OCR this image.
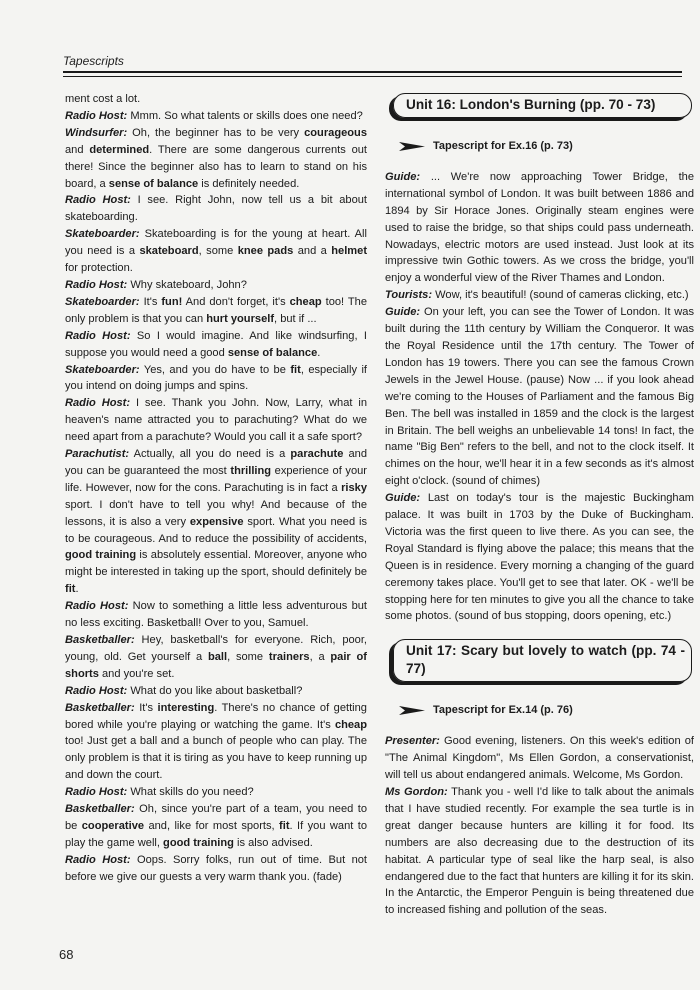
Tapescripts

ment cost a lot.

Radio Host: Mmm. So what talents or skills does one need?

Windsurfer: Oh, the beginner has to be very courageous and determined. There are some dangerous currents out there! Since the beginner also has to learn to stand on his board, a sense of balance is definitely needed.

Radio Host: I see. Right John, now tell us a bit about skateboarding.

Skateboarder: Skateboarding is for the young at heart. All you need is a skateboard, some knee pads and a helmet for protection.

Radio Host: Why skateboard, John?

Skateboarder: It's fun! And don't forget, it's cheap too! The only problem is that you can hurt yourself, but if ...

Radio Host: So I would imagine. And like windsurfing, I suppose you would need a good sense of balance.

Skateboarder: Yes, and you do have to be fit, especially if you intend on doing jumps and spins.

Radio Host: I see. Thank you John. Now, Larry, what in heaven's name attracted you to parachuting? What do we need apart from a parachute? Would you call it a safe sport?

Parachutist: Actually, all you do need is a parachute and you can be guaranteed the most thrilling experience of your life. However, now for the cons. Parachuting is in fact a risky sport. I don't have to tell you why! And because of the lessons, it is also a very expensive sport. What you need is to be courageous. And to reduce the possibility of accidents, good training is absolutely essential. Moreover, anyone who might be interested in taking up the sport, should definitely be fit.

Radio Host: Now to something a little less adventurous but no less exciting. Basketball! Over to you, Samuel.

Basketballer: Hey, basketball's for everyone. Rich, poor, young, old. Get yourself a ball, some trainers, a pair of shorts and you're set.

Radio Host: What do you like about basketball?

Basketballer: It's interesting. There's no chance of getting bored while you're playing or watching the game. It's cheap too! Just get a ball and a bunch of people who can play. The only problem is that it is tiring as you have to keep running up and down the court.

Radio Host: What skills do you need?

Basketballer: Oh, since you're part of a team, you need to be cooperative and, like for most sports, fit. If you want to play the game well, good training is also advised.

Radio Host: Oops. Sorry folks, run out of time. But not before we give our guests a very warm thank you. (fade)

Unit 16: London's Burning (pp. 70 - 73)
Tapescript for Ex.16 (p. 73)

Guide: ... We're now approaching Tower Bridge, the international symbol of London. It was built between 1886 and 1894 by Sir Horace Jones. Originally steam engines were used to raise the bridge, so that ships could pass underneath. Nowadays, electric motors are used instead. Just look at its impressive twin Gothic towers. As we cross the bridge, you'll enjoy a wonderful view of the River Thames and London.

Tourists: Wow, it's beautiful! (sound of cameras clicking, etc.)

Guide: On your left, you can see the Tower of London. It was built during the 11th century by William the Conqueror. It was the Royal Residence until the 17th century. The Tower of London has 19 towers. There you can see the famous Crown Jewels in the Jewel House. (pause) Now ... if you look ahead we're coming to the Houses of Parliament and the famous Big Ben. The bell was installed in 1859 and the clock is the largest in Britain. The bell weighs an unbelievable 14 tons! In fact, the name "Big Ben" refers to the bell, and not to the clock itself. It chimes on the hour, we'll hear it in a few seconds as it's almost eight o'clock. (sound of chimes)

Guide: Last on today's tour is the majestic Buckingham palace. It was built in 1703 by the Duke of Buckingham. Victoria was the first queen to live there. As you can see, the Royal Standard is flying above the palace; this means that the Queen is in residence. Every morning a changing of the guard ceremony takes place. You'll get to see that later. OK - we'll be stopping here for ten minutes to give you all the chance to take some photos. (sound of bus stopping, doors opening, etc.)

Unit 17: Scary but lovely to watch (pp. 74 - 77)
Tapescript for Ex.14 (p. 76)

Presenter: Good evening, listeners. On this week's edition of "The Animal Kingdom", Ms Ellen Gordon, a conservationist, will tell us about endangered animals. Welcome, Ms Gordon.

Ms Gordon: Thank you - well I'd like to talk about the animals that I have studied recently. For example the sea turtle is in great danger because hunters are killing it for food. Its numbers are also decreasing due to the destruction of its habitat. A particular type of seal like the harp seal, is also endangered due to the fact that hunters are killing it for its skin. In the Antarctic, the Emperor Penguin is being threatened due to increased fishing and pollution of the seas.

68
